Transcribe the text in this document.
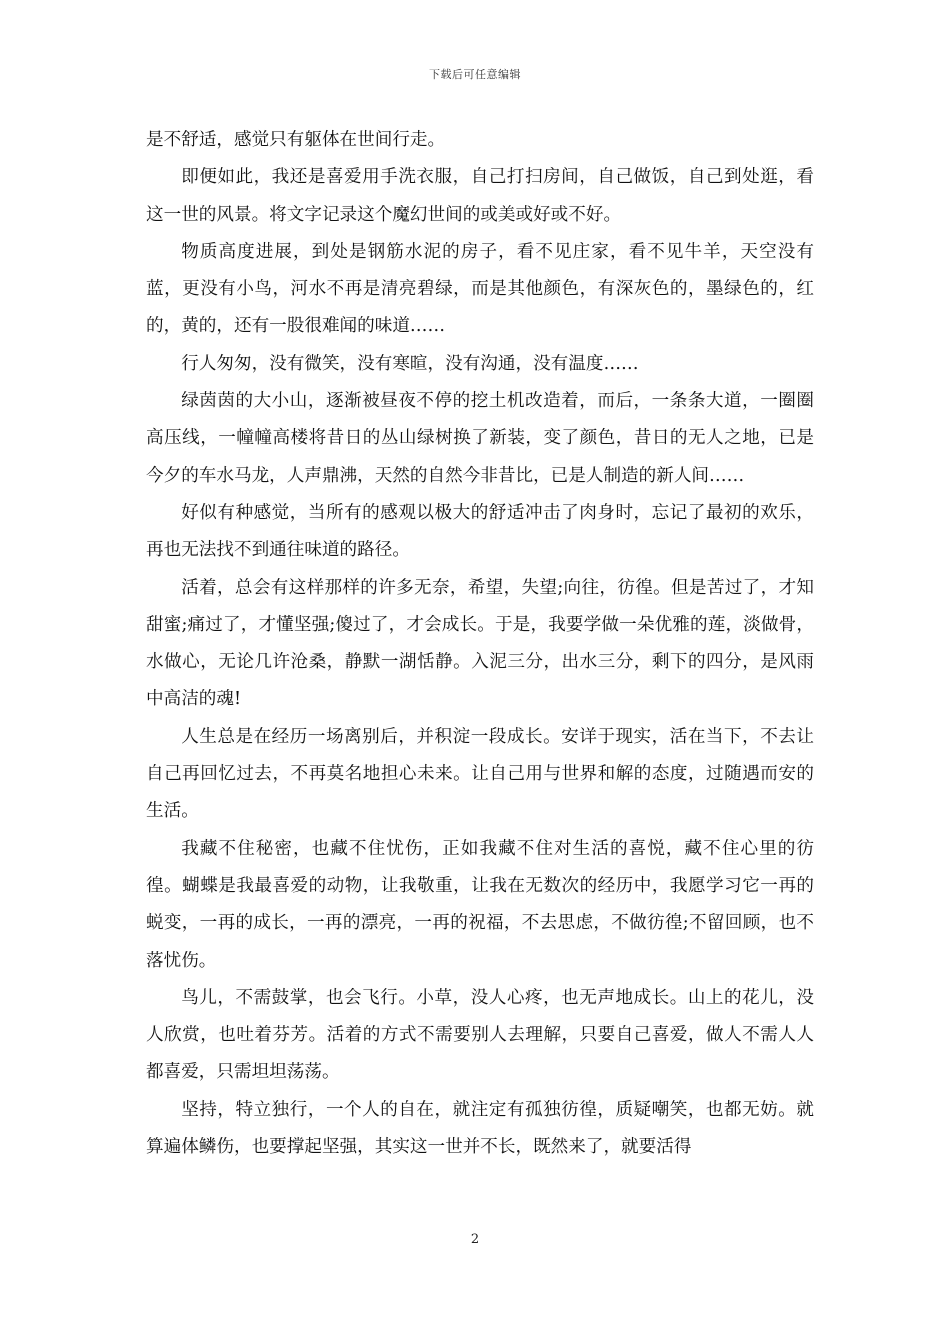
下载后可任意编辑

是不舒适，感觉只有躯体在世间行走。

即便如此，我还是喜爱用手洗衣服，自己打扫房间，自己做饭，自己到处逛，看这一世的风景。将文字记录这个魔幻世间的或美或好或不好。

物质高度进展，到处是钢筋水泥的房子，看不见庄家，看不见牛羊，天空没有蓝，更没有小鸟，河水不再是清亮碧绿，而是其他颜色，有深灰色的，墨绿色的，红的，黄的，还有一股很难闻的味道……

行人匆匆，没有微笑，没有寒暄，没有沟通，没有温度……

绿茵茵的大小山，逐渐被昼夜不停的挖土机改造着，而后，一条条大道，一圈圈高压线，一幢幢高楼将昔日的丛山绿树换了新装，变了颜色，昔日的无人之地，已是今夕的车水马龙，人声鼎沸，天然的自然今非昔比，已是人制造的新人间……

好似有种感觉，当所有的感观以极大的舒适冲击了肉身时，忘记了最初的欢乐，再也无法找不到通往味道的路径。

活着，总会有这样那样的许多无奈，希望，失望;向往，彷徨。但是苦过了，才知甜蜜;痛过了，才懂坚强;傻过了，才会成长。于是，我要学做一朵优雅的莲，淡做骨，水做心，无论几许沧桑，静默一湖恬静。入泥三分，出水三分，剩下的四分，是风雨中高洁的魂!

人生总是在经历一场离别后，并积淀一段成长。安详于现实，活在当下，不去让自己再回忆过去，不再莫名地担心未来。让自己用与世界和解的态度，过随遇而安的生活。

我藏不住秘密，也藏不住忧伤，正如我藏不住对生活的喜悦，藏不住心里的彷徨。蝴蝶是我最喜爱的动物，让我敬重，让我在无数次的经历中，我愿学习它一再的蜕变，一再的成长，一再的漂亮，一再的祝福，不去思虑，不做彷徨;不留回顾，也不落忧伤。

鸟儿，不需鼓掌，也会飞行。小草，没人心疼，也无声地成长。山上的花儿，没人欣赏，也吐着芬芳。活着的方式不需要别人去理解，只要自己喜爱，做人不需人人都喜爱，只需坦坦荡荡。

坚持，特立独行，一个人的自在，就注定有孤独彷徨，质疑嘲笑，也都无妨。就算遍体鳞伤，也要撑起坚强，其实这一世并不长，既然来了，就要活得

2
